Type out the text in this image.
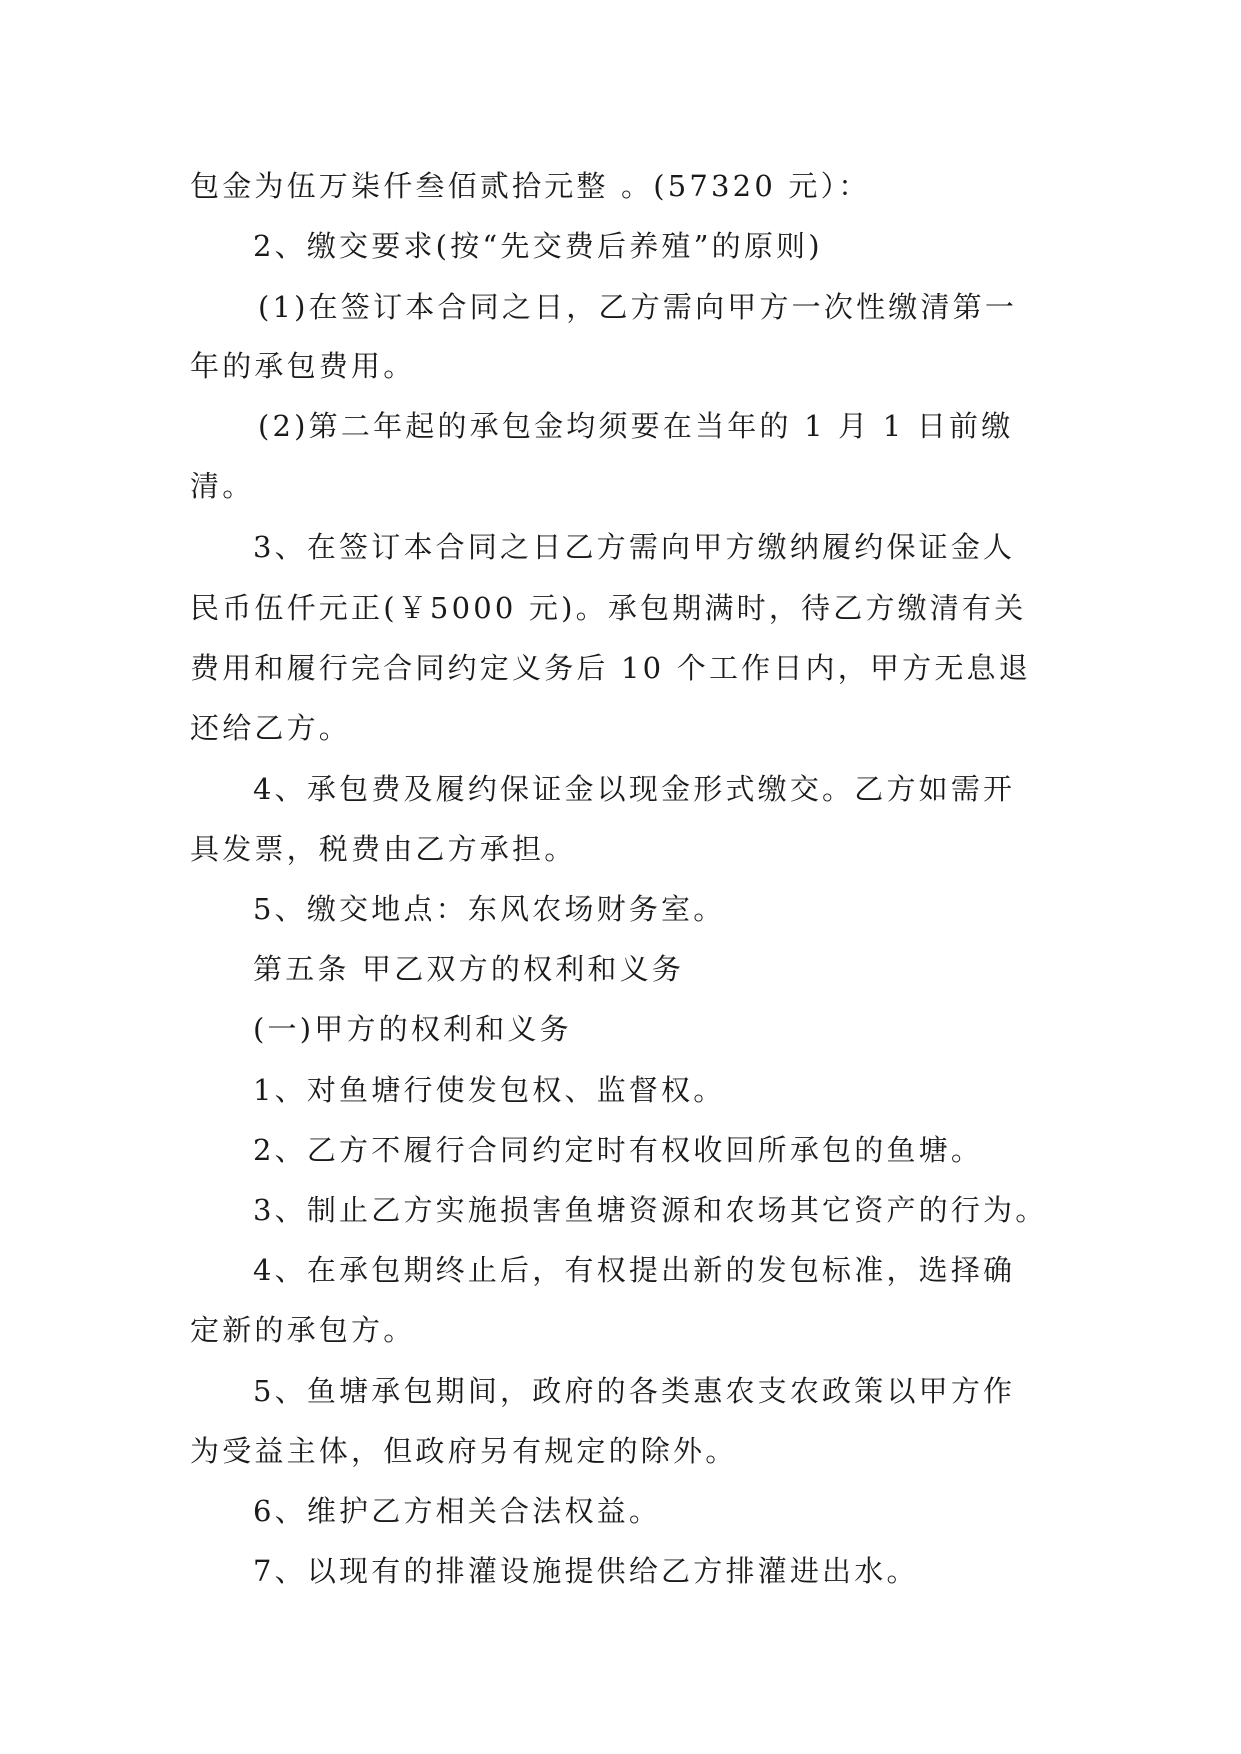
包金为伍万柒仟叁佰贰拾元整 。(57320 元）：
2、缴交要求(按“先交费后养殖”的原则)
(1)在签订本合同之日，乙方需向甲方一次性缴清第一
年的承包费用。
(2)第二年起的承包金均须要在当年的 1 月 1 日前缴
清。
3、在签订本合同之日乙方需向甲方缴纳履约保证金人
民币伍仟元正(￥5000 元)。承包期满时，待乙方缴清有关
费用和履行完合同约定义务后 10 个工作日内，甲方无息退
还给乙方。
4、承包费及履约保证金以现金形式缴交。乙方如需开
具发票，税费由乙方承担。
5、缴交地点：东风农场财务室。
第五条 甲乙双方的权利和义务
(一)甲方的权利和义务
1、对鱼塘行使发包权、监督权。
2、乙方不履行合同约定时有权收回所承包的鱼塘。
3、制止乙方实施损害鱼塘资源和农场其它资产的行为。
4、在承包期终止后，有权提出新的发包标准，选择确
定新的承包方。
5、鱼塘承包期间，政府的各类惠农支农政策以甲方作
为受益主体，但政府另有规定的除外。
6、维护乙方相关合法权益。
7、以现有的排灌设施提供给乙方排灌进出水。
